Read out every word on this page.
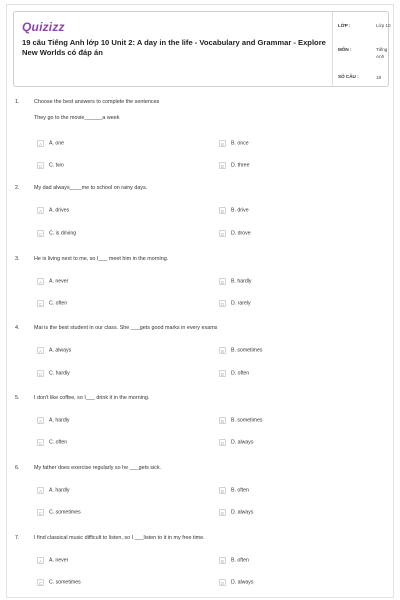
Quizizz
19 câu Tiếng Anh lớp 10 Unit 2: A day in the life - Vocabulary and Grammar - Explore New Worlds có đáp án
LỚP :	Lớp 10
MÔN :	Tiếng Anh
SỐ CÂU :	19
1.	Choose the best answers to complete the sentences
They go to the movie______a week
A A. one	B B. once
C C. two	D D. three
2.	My dad always____me to school on rainy days.
A A. drives	B B. drive
C C. is driving	D D. drove
3.	He is living next to me, so I___ meet him in the morning.
A A. never	B B. hardly
C C. often	D D. rarely
4.	Mai is the best student in our class. She ___gets good marks in every exams
A A. always	B B. sometimes
C C. hardly	D D. often
5.	I don't like coffee, so I___ drink it in the morning.
A A. hardly	B B. sometimes
C C. often	D D. always
6.	My father does exercise regularly so he ___gets sick.
A A. hardly	B B. often
C C. sometimes	D D. always
7.	I find classical music difficult to listen, so I ___listen to it in my free time.
A A. never	B B. often
C C. sometimes	D D. always
